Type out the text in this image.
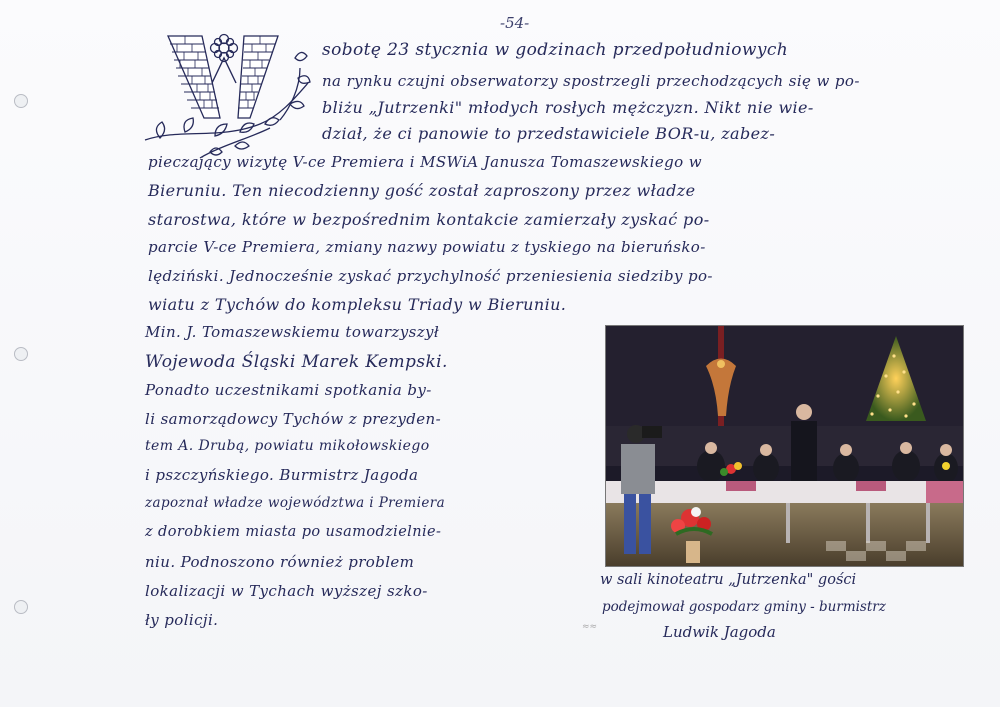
-54-

sobotę 23 stycznia w godzinach przedpołudniowych

na rynku czujni obserwatorzy spostrzegli przechodzących się w po-

bliżu „Jutrzenki" młodych rosłych mężczyzn. Nikt nie wie-

dział, że ci panowie to przedstawiciele BOR-u, zabez-

pieczający wizytę V-ce Premiera i MSWiA Janusza Tomaszewskiego w

Bieruniu. Ten niecodzienny gość został zaproszony przez władze

starostwa, które w bezpośrednim kontakcie zamierzały zyskać po-

parcie V-ce Premiera, zmiany nazwy powiatu z tyskiego na bieruńsko-

lędziński. Jednocześnie zyskać przychylność przeniesienia siedziby po-

wiatu z Tychów do kompleksu Triady w Bieruniu.

Min. J. Tomaszewskiemu towarzyszył

Wojewoda Śląski Marek Kempski.

Ponadto uczestnikami spotkania by-

li samorządowcy Tychów z prezyden-

tem A. Drubą, powiatu mikołowskiego

i pszczyńskiego. Burmistrz Jagoda

zapoznał władze województwa i Premiera

z dorobkiem miasta po usamodzielnie-

niu. Podnoszono również problem

lokalizacji w Tychach wyższej szko-

ły policji.

w sali kinoteatru „Jutrzenka" gości

podejmował gospodarz gminy - burmistrz

Ludwik Jagoda

≈≈
